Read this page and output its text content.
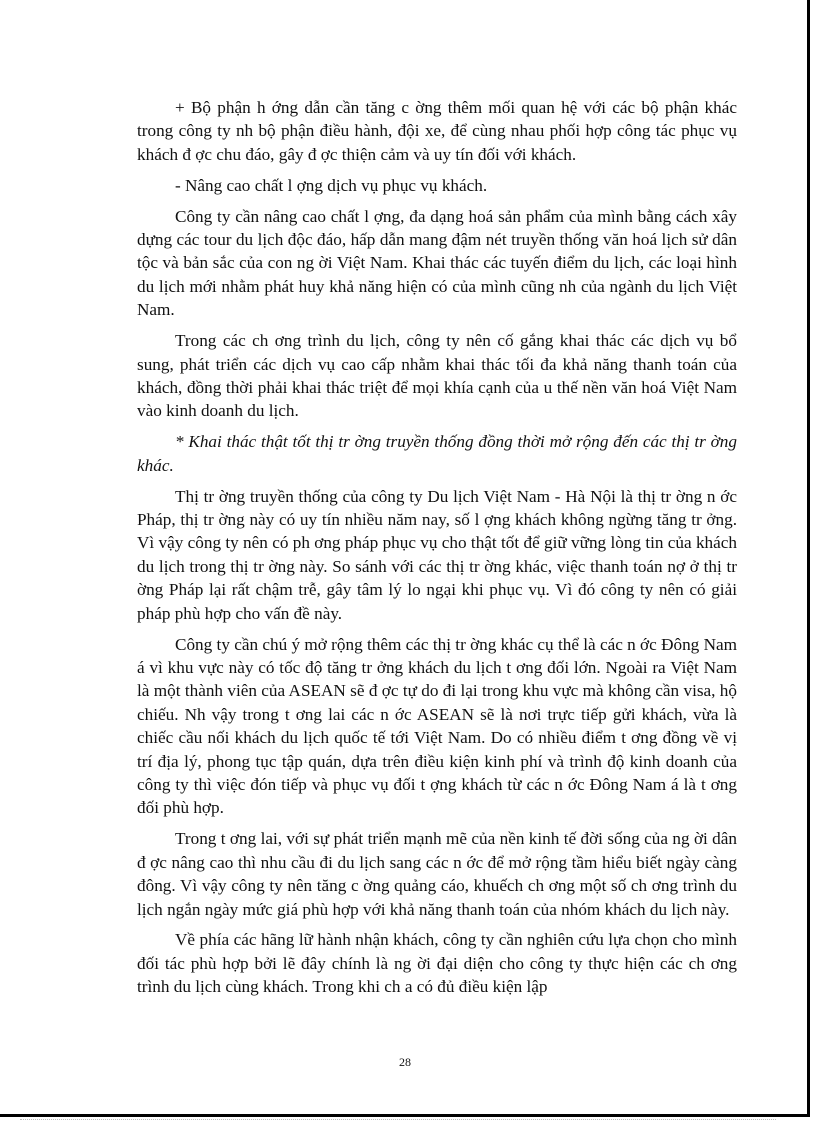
+ Bộ phận h ớng dẫn cần tăng c ờng thêm mối quan hệ với các bộ phận khác trong công ty nh bộ phận điều hành, đội xe, để cùng nhau phối hợp công tác phục vụ khách đ ợc chu đáo, gây đ ợc thiện cảm và uy tín đối với khách.

- Nâng cao chất l ợng dịch vụ phục vụ khách.

Công ty cần nâng cao chất l ợng, đa dạng hoá sản phẩm của mình bằng cách xây dựng các tour du lịch độc đáo, hấp dẫn mang đậm nét truyền thống văn hoá lịch sử dân tộc và bản sắc của con ng ời Việt Nam. Khai thác các tuyến điểm du lịch, các loại hình du lịch mới nhằm phát huy khả năng hiện có của mình cũng nh của ngành du lịch Việt Nam.

Trong các ch ơng trình du lịch, công ty nên cố gắng khai thác các dịch vụ bổ sung, phát triển các dịch vụ cao cấp nhằm khai thác tối đa khả năng thanh toán của khách, đồng thời phải khai thác triệt để mọi khía cạnh của u thế nền văn hoá Việt Nam vào kinh doanh du lịch.

* Khai thác thật tốt thị tr ờng truyền thống đồng thời mở rộng đến các thị tr ờng khác.

Thị tr ờng truyền thống của công ty Du lịch Việt Nam - Hà Nội là thị tr ờng n ớc Pháp, thị tr ờng này có uy tín nhiều năm nay, số l ợng khách không ngừng tăng tr ởng. Vì vậy công ty nên có ph ơng pháp phục vụ cho thật tốt để giữ vững lòng tin của khách du lịch trong thị tr ờng này. So sánh với các thị tr ờng khác, việc thanh toán nợ ở thị tr ờng Pháp lại rất chậm trễ, gây tâm lý lo ngại khi phục vụ. Vì đó công ty nên có giải pháp phù hợp cho vấn đề này.

Công ty cần chú ý mở rộng thêm các thị tr ờng khác cụ thể là các n ớc Đông Nam á vì khu vực này có tốc độ tăng tr ởng khách du lịch t ơng đối lớn. Ngoài ra Việt Nam là một thành viên của ASEAN sẽ đ ợc tự do đi lại trong khu vực mà không cần visa, hộ chiếu. Nh vậy trong t ơng lai các n ớc ASEAN sẽ là nơi trực tiếp gửi khách, vừa là chiếc cầu nối khách du lịch quốc tế tới Việt Nam. Do có nhiều điểm t ơng đồng về vị trí địa lý, phong tục tập quán, dựa trên điều kiện kinh phí và trình độ kinh doanh của công ty thì việc đón tiếp và phục vụ đối t ợng khách từ các n ớc Đông Nam á là t ơng đối phù hợp.

Trong t ơng lai, với sự phát triển mạnh mẽ của nền kinh tế đời sống của ng ời dân đ ợc nâng cao thì nhu cầu đi du lịch sang các n ớc để mở rộng tầm hiểu biết ngày càng đông. Vì vậy công ty nên tăng c ờng quảng cáo, khuếch ch ơng một số ch ơng trình du lịch ngắn ngày mức giá phù hợp với khả năng thanh toán của nhóm khách du lịch này.

Về phía các hãng lữ hành nhận khách, công ty cần nghiên cứu lựa chọn cho mình đối tác phù hợp bởi lẽ đây chính là ng ời đại diện cho công ty thực hiện các ch ơng trình du lịch cùng khách. Trong khi ch a có đủ điều kiện lập

28
